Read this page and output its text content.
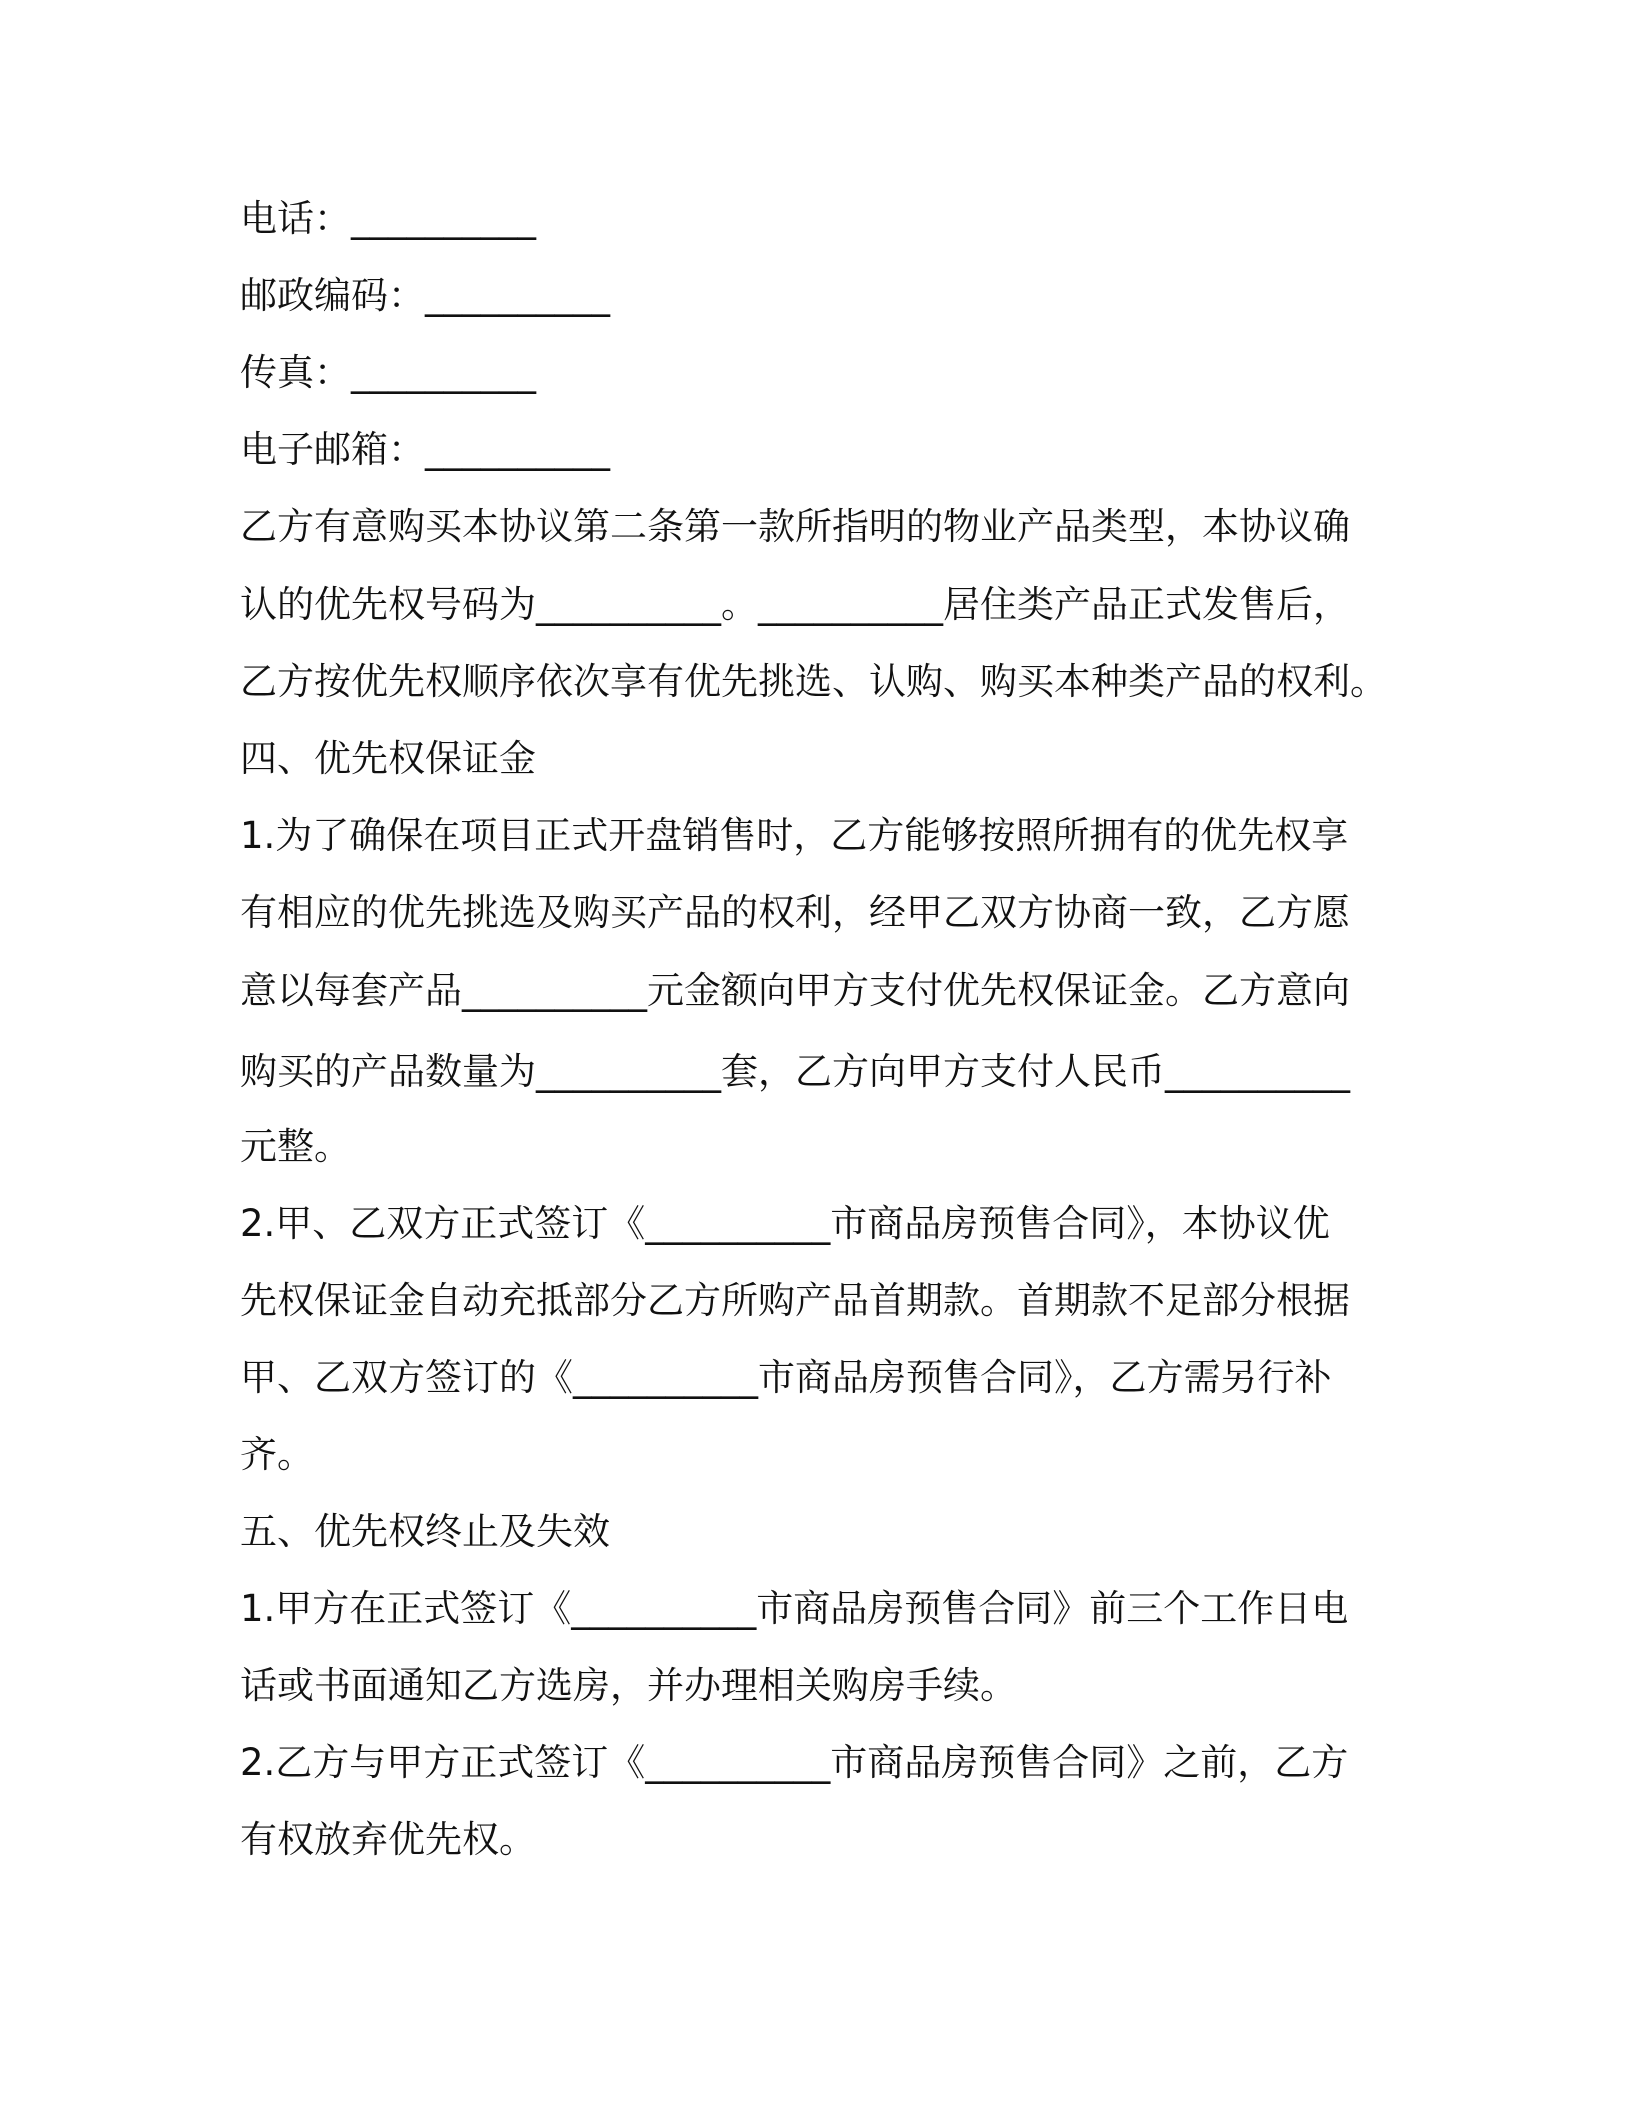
电话：__________
邮政编码：__________
传真：__________
电子邮箱：__________
乙方有意购买本协议第二条第一款所指明的物业产品类型，本协议确
认的优先权号码为__________。__________居住类产品正式发售后，
乙方按优先权顺序依次享有优先挑选、认购、购买本种类产品的权利。
四、优先权保证金
1.为了确保在项目正式开盘销售时，乙方能够按照所拥有的优先权享
有相应的优先挑选及购买产品的权利，经甲乙双方协商一致，乙方愿
意以每套产品__________元金额向甲方支付优先权保证金。乙方意向
购买的产品数量为__________套，乙方向甲方支付人民币__________
元整。
2.甲、乙双方正式签订《__________市商品房预售合同》，本协议优
先权保证金自动充抵部分乙方所购产品首期款。首期款不足部分根据
甲、乙双方签订的《__________市商品房预售合同》，乙方需另行补
齐。
五、优先权终止及失效
1.甲方在正式签订《__________市商品房预售合同》前三个工作日电
话或书面通知乙方选房，并办理相关购房手续。
2.乙方与甲方正式签订《__________市商品房预售合同》之前，乙方
有权放弃优先权。
